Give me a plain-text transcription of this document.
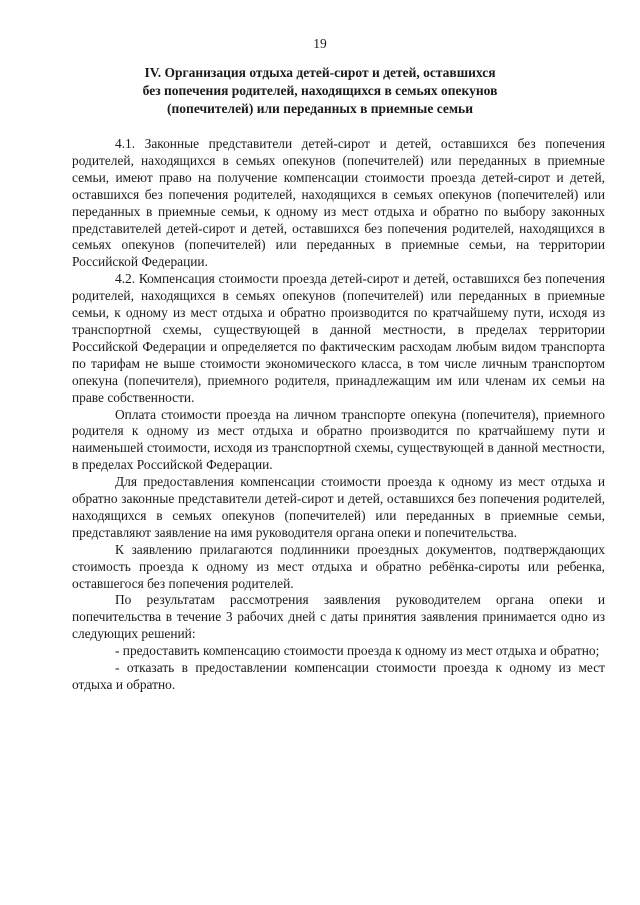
19
IV. Организация отдыха детей-сирот и детей, оставшихся
без попечения родителей, находящихся в семьях опекунов
(попечителей) или переданных в приемные семьи

4.1. Законные представители детей-сирот и детей, оставшихся без попечения родителей, находящихся в семьях опекунов (попечителей) или переданных в приемные семьи, имеют право на получение компенсации стоимости проезда детей-сирот и детей, оставшихся без попечения родителей, находящихся в семьях опекунов (попечителей) или переданных в приемные семьи, к одному из мест отдыха и обратно по выбору законных представителей детей-сирот и детей, оставшихся без попечения родителей, находящихся в семьях опекунов (попечителей) или переданных в приемные семьи, на территории Российской Федерации.

4.2. Компенсация стоимости проезда детей-сирот и детей, оставшихся без попечения родителей, находящихся в семьях опекунов (попечителей) или переданных в приемные семьи, к одному из мест отдыха и обратно производится по кратчайшему пути, исходя из транспортной схемы, существующей в данной местности, в пределах территории Российской Федерации и определяется по фактическим расходам любым видом транспорта по тарифам не выше стоимости экономического класса, в том числе личным транспортом опекуна (попечителя), приемного родителя, принадлежащим им или членам их семьи на праве собственности.

Оплата стоимости проезда на личном транспорте опекуна (попечителя), приемного родителя к одному из мест отдыха и обратно производится по кратчайшему пути и наименьшей стоимости, исходя из транспортной схемы, существующей в данной местности, в пределах Российской Федерации.

Для предоставления компенсации стоимости проезда к одному из мест отдыха и обратно законные представители детей-сирот и детей, оставшихся без попечения родителей, находящихся в семьях опекунов (попечителей) или переданных в приемные семьи, представляют заявление на имя руководителя органа опеки и попечительства.

К заявлению прилагаются подлинники проездных документов, подтверждающих стоимость проезда к одному из мест отдыха и обратно ребёнка-сироты или ребенка, оставшегося без попечения родителей.

По результатам рассмотрения заявления руководителем органа опеки и попечительства в течение 3 рабочих дней с даты принятия заявления принимается одно из следующих решений:

- предоставить компенсацию стоимости проезда к одному из мест отдыха и обратно;

- отказать в предоставлении компенсации стоимости проезда к одному из мест отдыха и обратно.
